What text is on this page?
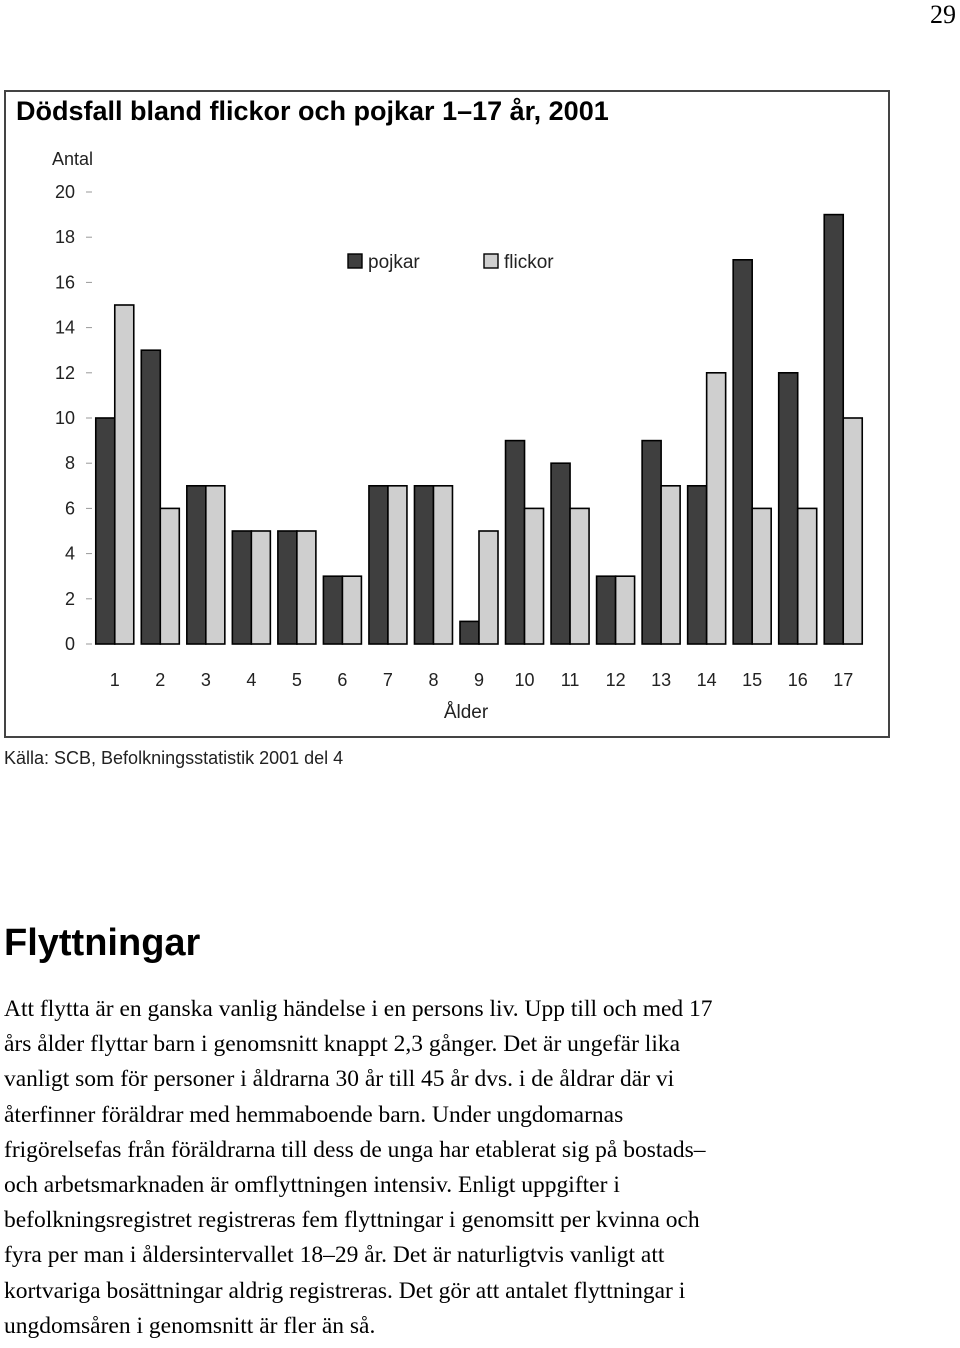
29
Dödsfall bland flickor och pojkar 1–17 år, 2001
Antal
0
2
4
6
8
10
12
14
16
18
20
1 2 3 4 5 6 7 8 9 10 11 12 13 14 15 16 17
Ålder
pojkar	flickor
Källa: SCB, Befolkningsstatistik 2001 del 4
Flyttningar

Att flytta är en ganska vanlig händelse i en persons liv. Upp till och med 17
års ålder flyttar barn i genomsnitt knappt 2,3 gånger. Det är ungefär lika
vanligt som för personer i åldrarna 30 år till 45 år dvs. i de åldrar där vi
återfinner föräldrar med hemmaboende barn. Under ungdomarnas
frigörelsefas från föräldrarna till dess de unga har etablerat sig på bostads–
och arbetsmarknaden är omflyttningen intensiv. Enligt uppgifter i
befolkningsregistret registreras fem flyttningar i genomsitt per kvinna och
fyra per man i åldersintervallet 18–29 år. Det är naturligtvis vanligt att
kortvariga bosättningar aldrig registreras. Det gör att antalet flyttningar i
ungdomsåren i genomsnitt är fler än så.
